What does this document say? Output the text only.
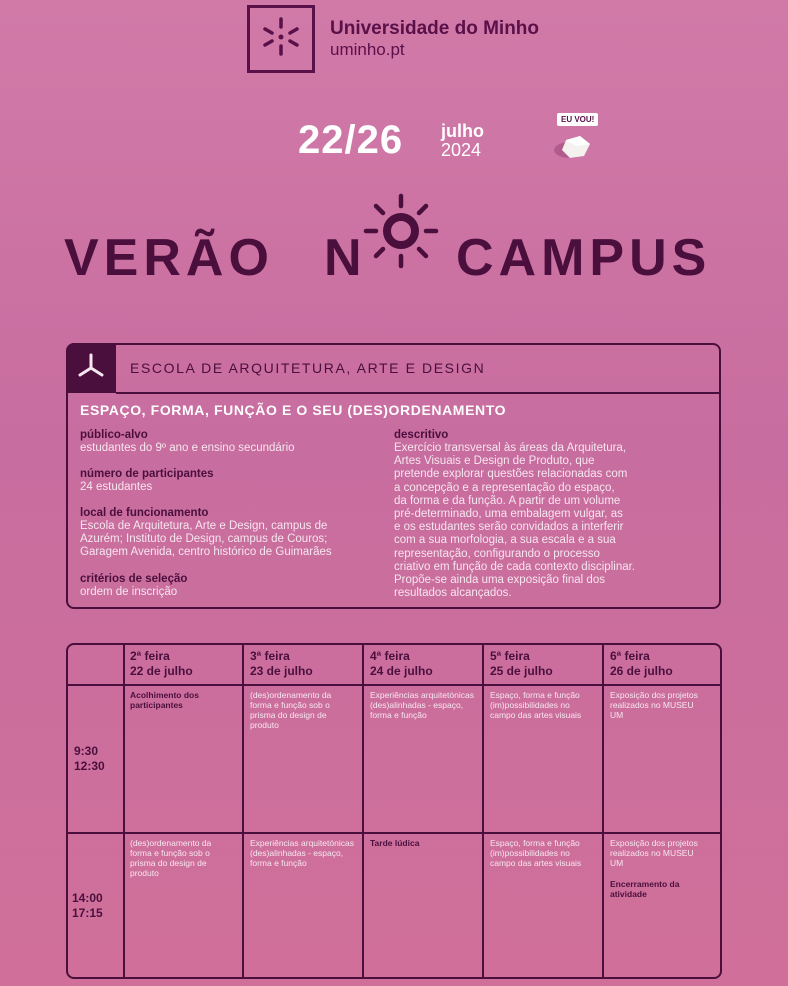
Universidade do Minho
uminho.pt
22/26 julho
2024
EU VOU!
VERÃO N CAMPUS
ESCOLA DE ARQUITETURA, ARTE E DESIGN
ESPAÇO, FORMA, FUNÇÃO E O SEU (DES)ORDENAMENTO
público-alvo
estudantes do 9º ano e ensino secundário
número de participantes
24 estudantes
local de funcionamento
Escola de Arquitetura, Arte e Design, campus de
Azurém; Instituto de Design, campus de Couros;
Garagem Avenida, centro histórico de Guimarães
critérios de seleção
ordem de inscrição
descritivo
Exercício transversal às áreas da Arquitetura,
Artes Visuais e Design de Produto, que
pretende explorar questões relacionadas com
a concepção e a representação do espaço,
da forma e da função. A partir de um volume
pré-determinado, uma embalagem vulgar, as
e os estudantes serão convidados a interferir
com a sua morfologia, a sua escala e a sua
representação, configurando o processo
criativo em função de cada contexto disciplinar.
Propõe-se ainda uma exposição final dos
resultados alcançados.
2ª feira
22 de julho
3ª feira
23 de julho
4ª feira
24 de julho
5ª feira
25 de julho
6ª feira
26 de julho
9:30
12:30
14:00
17:15
Acolhimento dos participantes
(des)ordenamento da forma e função sob o prisma do design de produto
Experiências arquitetónicas (des)alinhadas - espaço, forma e função
Espaço, forma e função (im)possibilidades no campo das artes visuais
Exposição dos projetos realizados no MUSEU UM
(des)ordenamento da forma e função sob o prisma do design de produto
Experiências arquitetónicas (des)alinhadas - espaço, forma e função
Tarde lúdica	Espaço, forma e função (im)possibilidades no campo das artes visuais
Exposição dos projetos realizados no MUSEU UM
Encerramento da atividade
